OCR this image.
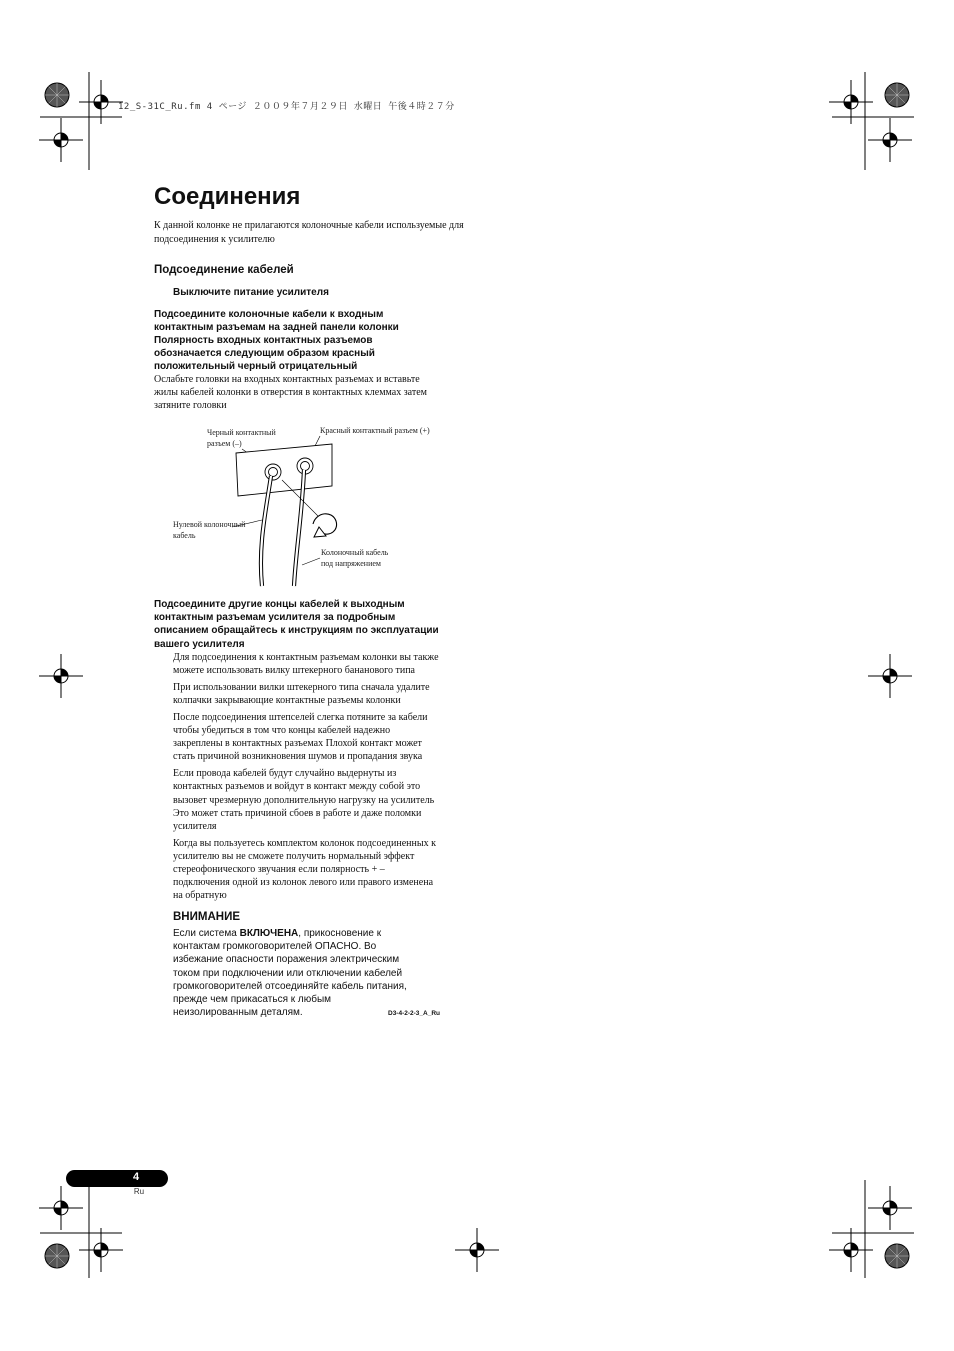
12_S-31C_Ru.fm 4 ページ ２００９年７月２９日 水曜日 午後４時２７分
Соединения
К данной колонке не прилагаются колоночные кабели используемые для подсоединения к усилителю
Подсоединение кабелей
Выключите питание усилителя
Подсоедините колоночные кабели к входным
контактным разъемам на задней панели колонки
Полярность входных контактных разъемов
обозначается следующим образом красный
положительный черный отрицательный
Ослабьте головки на входных контактных разъемах и вставьте
жилы кабелей колонки в отверстия в контактных клеммах затем
затяните головки
Черный контактный
разъем (–)
Красный контактный разъем (+)
Нулевой колоночный
кабель
Колоночный кабель
под напряжением
Подсоедините другие концы кабелей к выходным
контактным разъемам усилителя за подробным
описанием обращайтесь к инструкциям по эксплуатации
вашего усилителя
Для подсоединения к контактным разъемам колонки вы также
можете использовать вилку штекерного бананового типа
При использовании вилки штекерного типа сначала удалите
колпачки закрывающие контактные разъемы колонки
После подсоединения штепселей слегка потяните за кабели
чтобы убедиться в том что концы кабелей надежно
закреплены в контактных разъемах Плохой контакт может
стать причиной возникновения шумов и пропадания звука
Если провода кабелей будут случайно выдернуты из
контактных разъемов и войдут в контакт между собой это
вызовет чрезмерную дополнительную нагрузку на усилитель
Это может стать причиной сбоев в работе и даже поломки
усилителя
Когда вы пользуетесь комплектом колонок подсоединенных к
усилителю вы не сможете получить нормальный эффект
стереофонического звучания если полярность + –
подключения одной из колонок левого или правого изменена
на обратную
ВНИМАНИЕ
Если система ВКЛЮЧЕНА, прикосновение к
контактам громкоговорителей ОПАСНО. Во
избежание опасности поражения электрическим
током при подключении или отключении кабелей
громкоговорителей отсоединяйте кабель питания,
прежде чем прикасаться к любым
неизолированным деталям.	D3-4-2-2-3_A_Ru
4
Ru
